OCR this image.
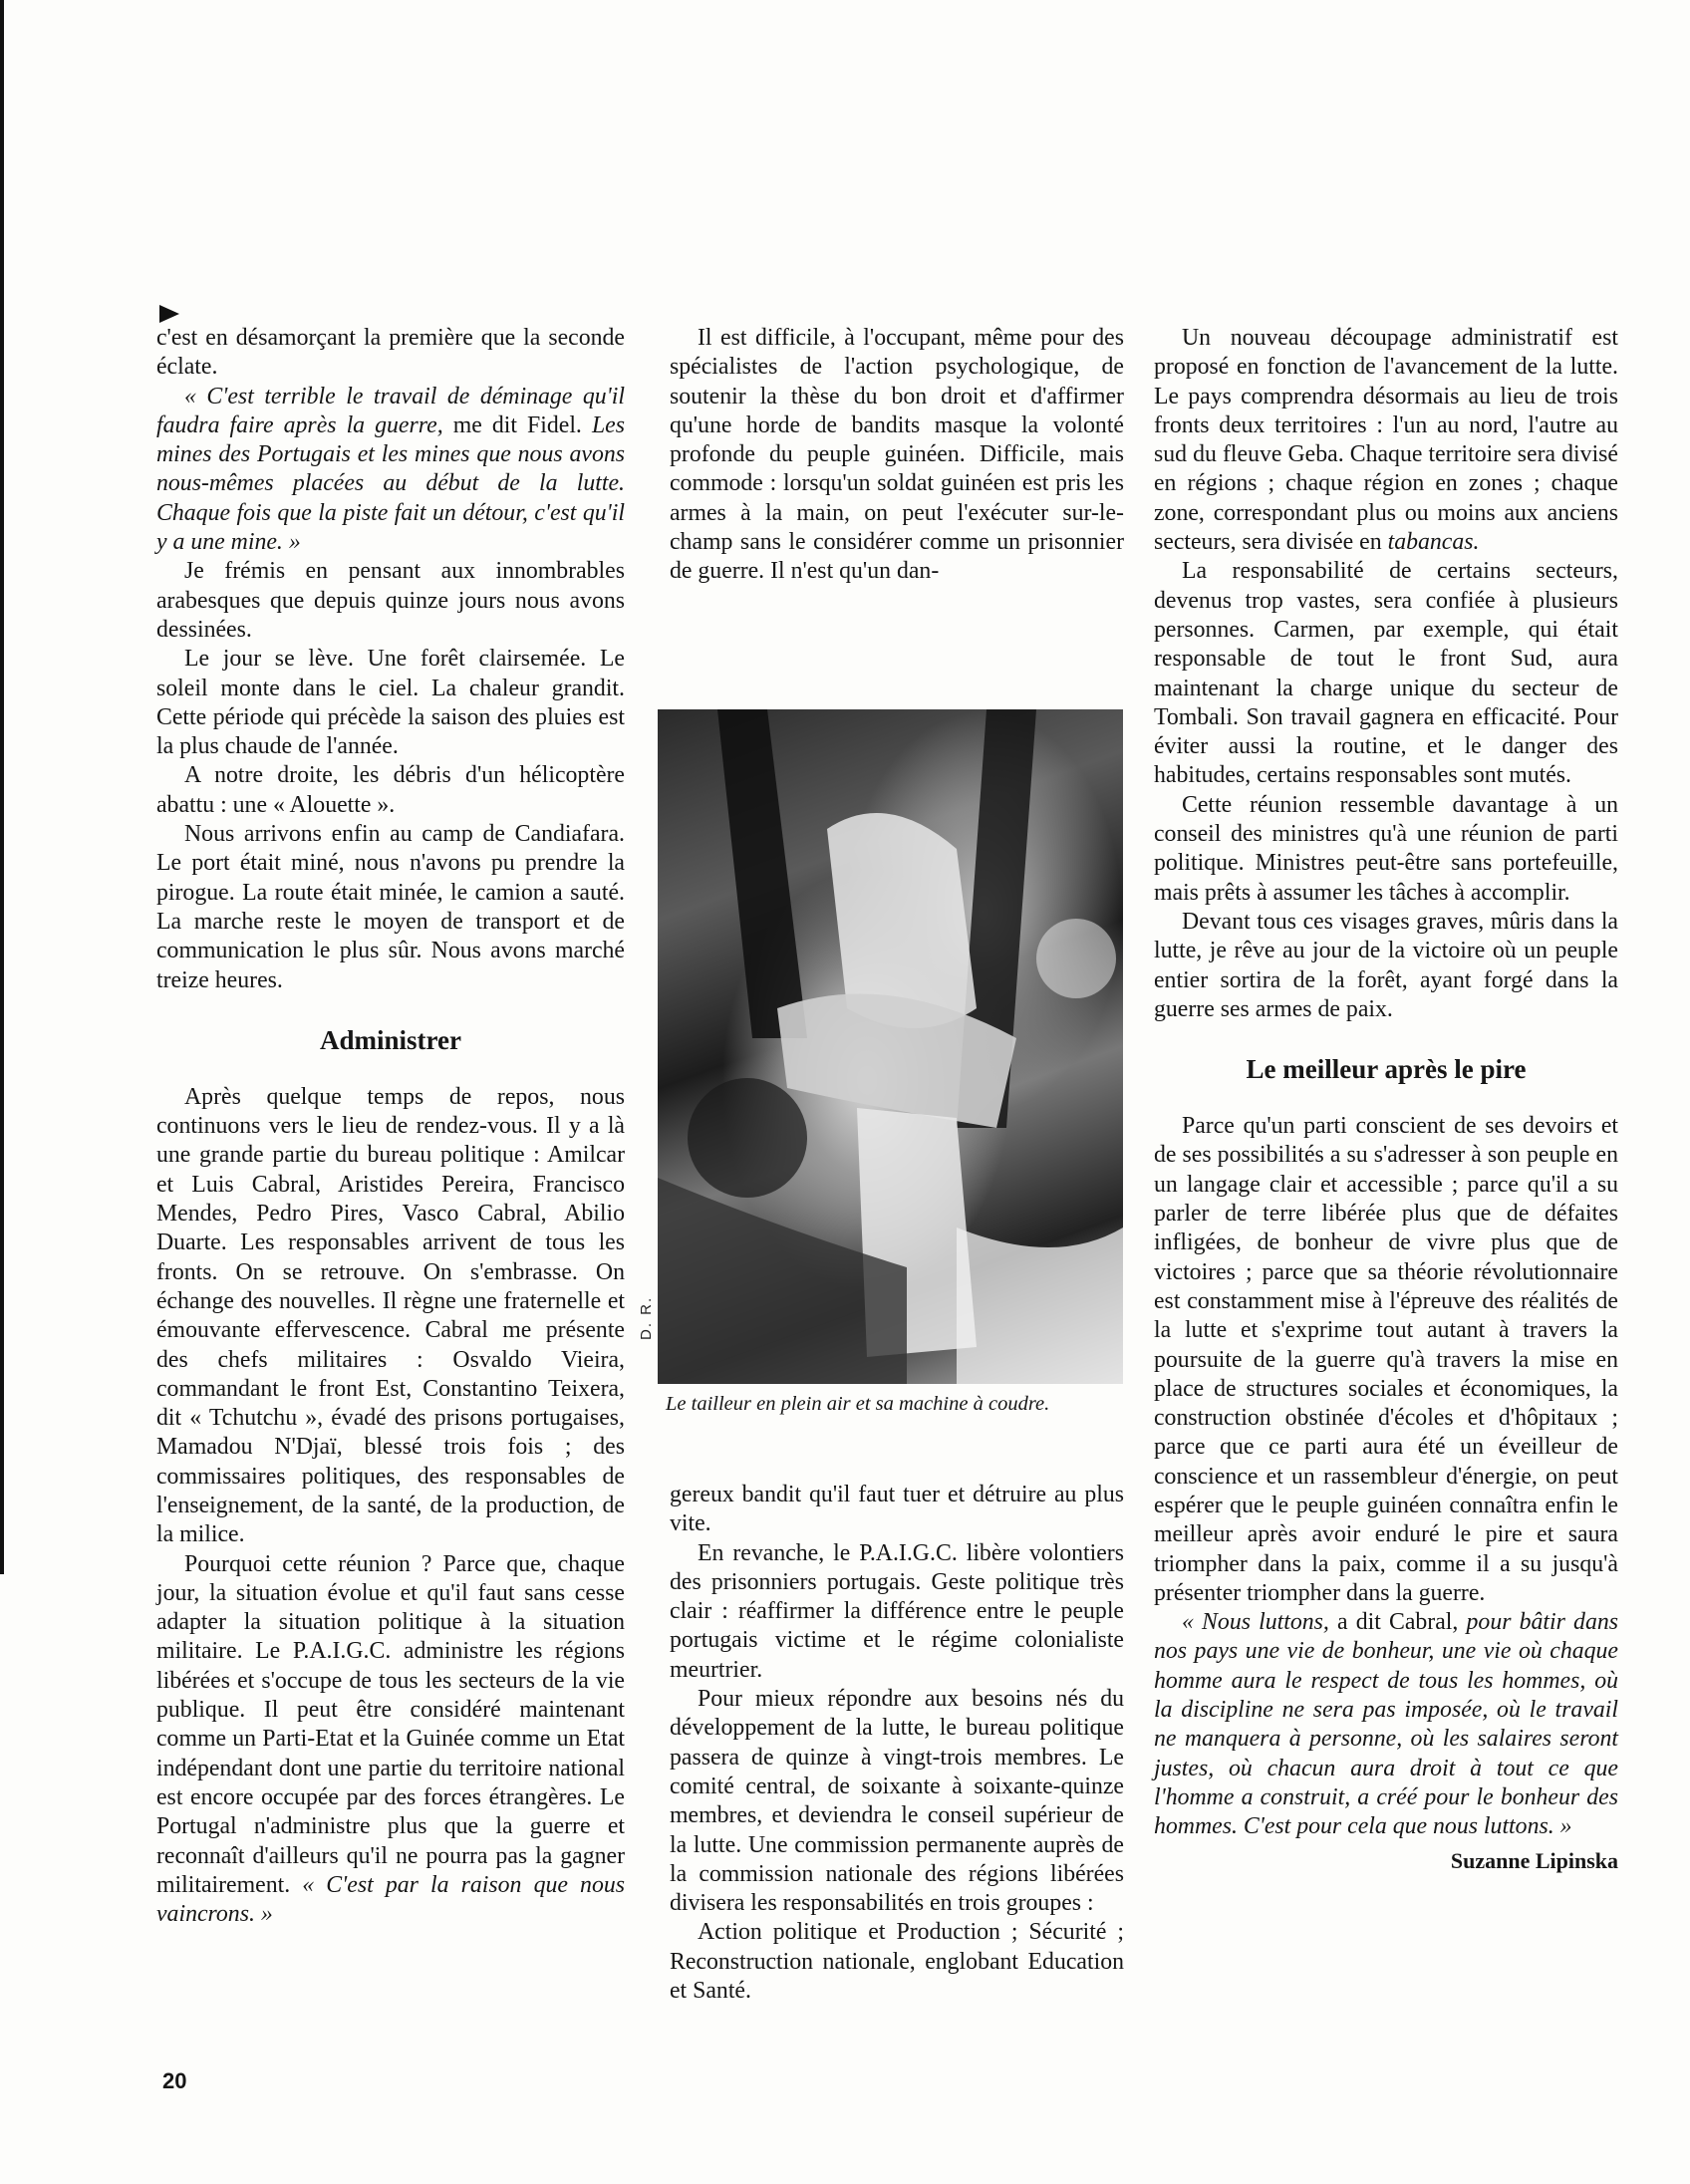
c'est en désamorçant la première que la seconde éclate.

« C'est terrible le travail de déminage qu'il faudra faire après la guerre, me dit Fidel. Les mines des Portugais et les mines que nous avons nous-mêmes placées au début de la lutte. Chaque fois que la piste fait un détour, c'est qu'il y a une mine. »

Je frémis en pensant aux innombrables arabesques que depuis quinze jours nous avons dessinées.

Le jour se lève. Une forêt clairsemée. Le soleil monte dans le ciel. La chaleur grandit. Cette période qui précède la saison des pluies est la plus chaude de l'année.

A notre droite, les débris d'un hélicoptère abattu : une « Alouette ».

Nous arrivons enfin au camp de Candiafara. Le port était miné, nous n'avons pu prendre la pirogue. La route était minée, le camion a sauté. La marche reste le moyen de transport et de communication le plus sûr. Nous avons marché treize heures.

Administrer

Après quelque temps de repos, nous continuons vers le lieu de rendez-vous. Il y a là une grande partie du bureau politique : Amilcar et Luis Cabral, Aristides Pereira, Francisco Mendes, Pedro Pires, Vasco Cabral, Abilio Duarte. Les responsables arrivent de tous les fronts. On se retrouve. On s'embrasse. On échange des nouvelles. Il règne une fraternelle et émouvante effervescence. Cabral me présente des chefs militaires : Osvaldo Vieira, commandant le front Est, Constantino Teixera, dit « Tchutchu », évadé des prisons portugaises, Mamadou N'Djaï, blessé trois fois ; des commissaires politiques, des responsables de l'enseignement, de la santé, de la production, de la milice.

Pourquoi cette réunion ? Parce que, chaque jour, la situation évolue et qu'il faut sans cesse adapter la situation politique à la situation militaire. Le P.A.I.G.C. administre les régions libérées et s'occupe de tous les secteurs de la vie publique. Il peut être considéré maintenant comme un Parti-Etat et la Guinée comme un Etat indépendant dont une partie du territoire national est encore occupée par des forces étrangères. Le Portugal n'administre plus que la guerre et reconnaît d'ailleurs qu'il ne pourra pas la gagner militairement. « C'est par la raison que nous vaincrons. »

Il est difficile, à l'occupant, même pour des spécialistes de l'action psychologique, de soutenir la thèse du bon droit et d'affirmer qu'une horde de bandits masque la volonté profonde du peuple guinéen. Difficile, mais commode : lorsqu'un soldat guinéen est pris les armes à la main, on peut l'exécuter sur-le-champ sans le considérer comme un prisonnier de guerre. Il n'est qu'un dan-

D. R.
Le tailleur en plein air et sa machine à coudre.

gereux bandit qu'il faut tuer et détruire au plus vite.

En revanche, le P.A.I.G.C. libère volontiers des prisonniers portugais. Geste politique très clair : réaffirmer la différence entre le peuple portugais victime et le régime colonialiste meurtrier.

Pour mieux répondre aux besoins nés du développement de la lutte, le bureau politique passera de quinze à vingt-trois membres. Le comité central, de soixante à soixante-quinze membres, et deviendra le conseil supérieur de la lutte. Une commission permanente auprès de la commission nationale des régions libérées divisera les responsabilités en trois groupes :

Action politique et Production ; Sécurité ; Reconstruction nationale, englobant Education et Santé.

Un nouveau découpage administratif est proposé en fonction de l'avancement de la lutte. Le pays comprendra désormais au lieu de trois fronts deux territoires : l'un au nord, l'autre au sud du fleuve Geba. Chaque territoire sera divisé en régions ; chaque région en zones ; chaque zone, correspondant plus ou moins aux anciens secteurs, sera divisée en tabancas.

La responsabilité de certains secteurs, devenus trop vastes, sera confiée à plusieurs personnes. Carmen, par exemple, qui était responsable de tout le front Sud, aura maintenant la charge unique du secteur de Tombali. Son travail gagnera en efficacité. Pour éviter aussi la routine, et le danger des habitudes, certains responsables sont mutés.

Cette réunion ressemble davantage à un conseil des ministres qu'à une réunion de parti politique. Ministres peut-être sans portefeuille, mais prêts à assumer les tâches à accomplir.

Devant tous ces visages graves, mûris dans la lutte, je rêve au jour de la victoire où un peuple entier sortira de la forêt, ayant forgé dans la guerre ses armes de paix.

Le meilleur après le pire

Parce qu'un parti conscient de ses devoirs et de ses possibilités a su s'adresser à son peuple en un langage clair et accessible ; parce qu'il a su parler de terre libérée plus que de défaites infligées, de bonheur de vivre plus que de victoires ; parce que sa théorie révolutionnaire est constamment mise à l'épreuve des réalités de la lutte et s'exprime tout autant à travers la poursuite de la guerre qu'à travers la mise en place de structures sociales et économiques, la construction obstinée d'écoles et d'hôpitaux ; parce que ce parti aura été un éveilleur de conscience et un rassembleur d'énergie, on peut espérer que le peuple guinéen connaîtra enfin le meilleur après avoir enduré le pire et saura triompher dans la paix, comme il a su jusqu'à présenter triompher dans la guerre.

« Nous luttons, a dit Cabral, pour bâtir dans nos pays une vie de bonheur, une vie où chaque homme aura le respect de tous les hommes, où la discipline ne sera pas imposée, où le travail ne manquera à personne, où les salaires seront justes, où chacun aura droit à tout ce que l'homme a construit, a créé pour le bonheur des hommes. C'est pour cela que nous luttons. »

Suzanne Lipinska
20
